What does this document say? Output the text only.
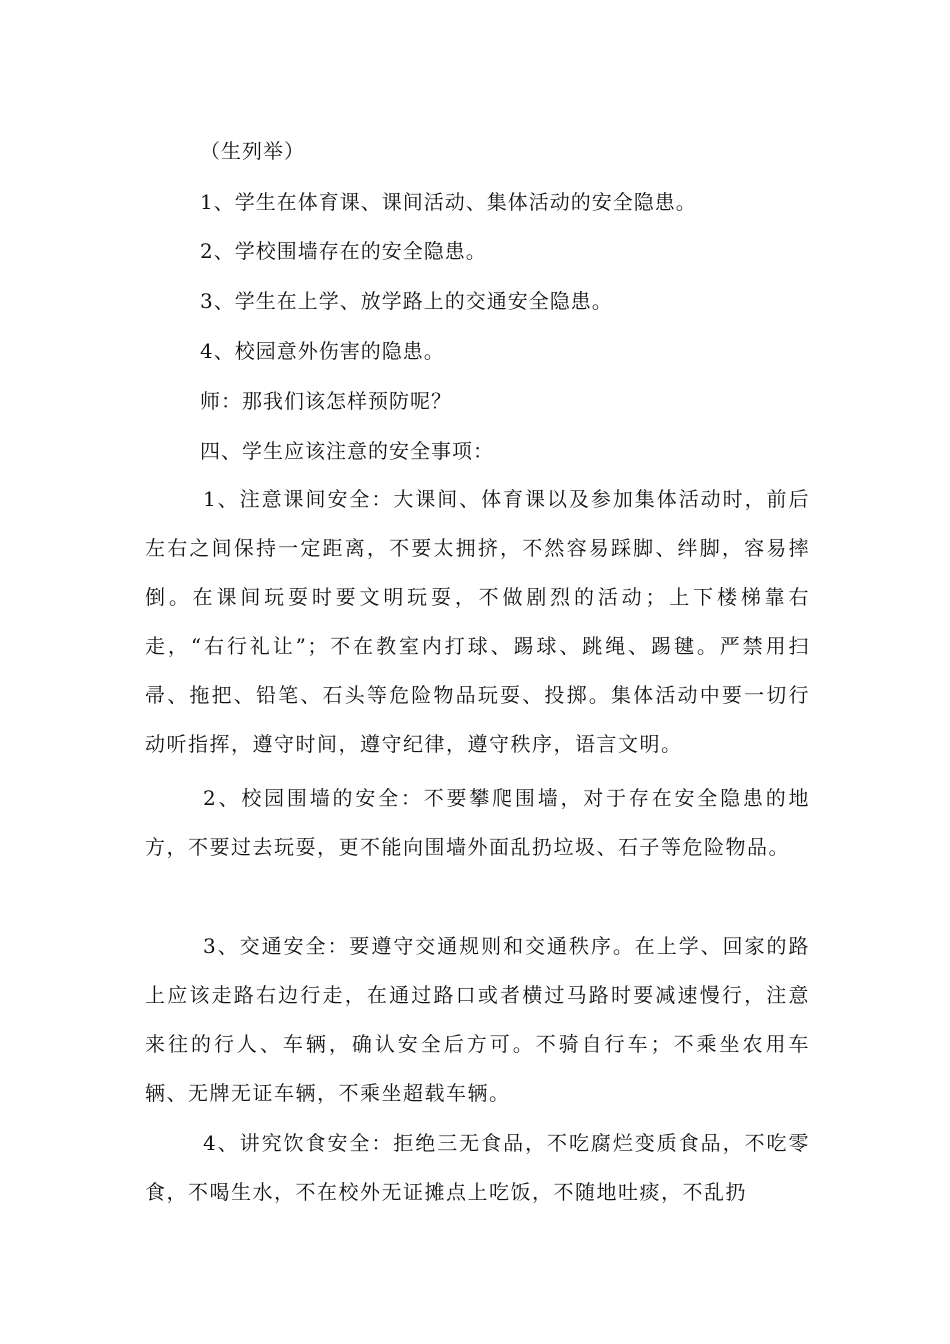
（生列举）
1、学生在体育课、课间活动、集体活动的安全隐患。
2、学校围墙存在的安全隐患。
3、学生在上学、放学路上的交通安全隐患。
4、校园意外伤害的隐患。
师：那我们该怎样预防呢？
四、学生应该注意的安全事项：
1、注意课间安全：大课间、体育课以及参加集体活动时，前后左右之间保持一定距离，不要太拥挤，不然容易踩脚、绊脚，容易摔倒。在课间玩耍时要文明玩耍，不做剧烈的活动；上下楼梯靠右走，“右行礼让”；不在教室内打球、踢球、跳绳、踢毽。严禁用扫帚、拖把、铅笔、石头等危险物品玩耍、投掷。集体活动中要一切行动听指挥，遵守时间，遵守纪律，遵守秩序，语言文明。
2、校园围墙的安全：不要攀爬围墙，对于存在安全隐患的地方，不要过去玩耍，更不能向围墙外面乱扔垃圾、石子等危险物品。
3、交通安全：要遵守交通规则和交通秩序。在上学、回家的路上应该走路右边行走，在通过路口或者横过马路时要减速慢行，注意来往的行人、车辆，确认安全后方可。不骑自行车；不乘坐农用车辆、无牌无证车辆，不乘坐超载车辆。
4、讲究饮食安全：拒绝三无食品，不吃腐烂变质食品，不吃零食，不喝生水，不在校外无证摊点上吃饭，不随地吐痰，不乱扔
